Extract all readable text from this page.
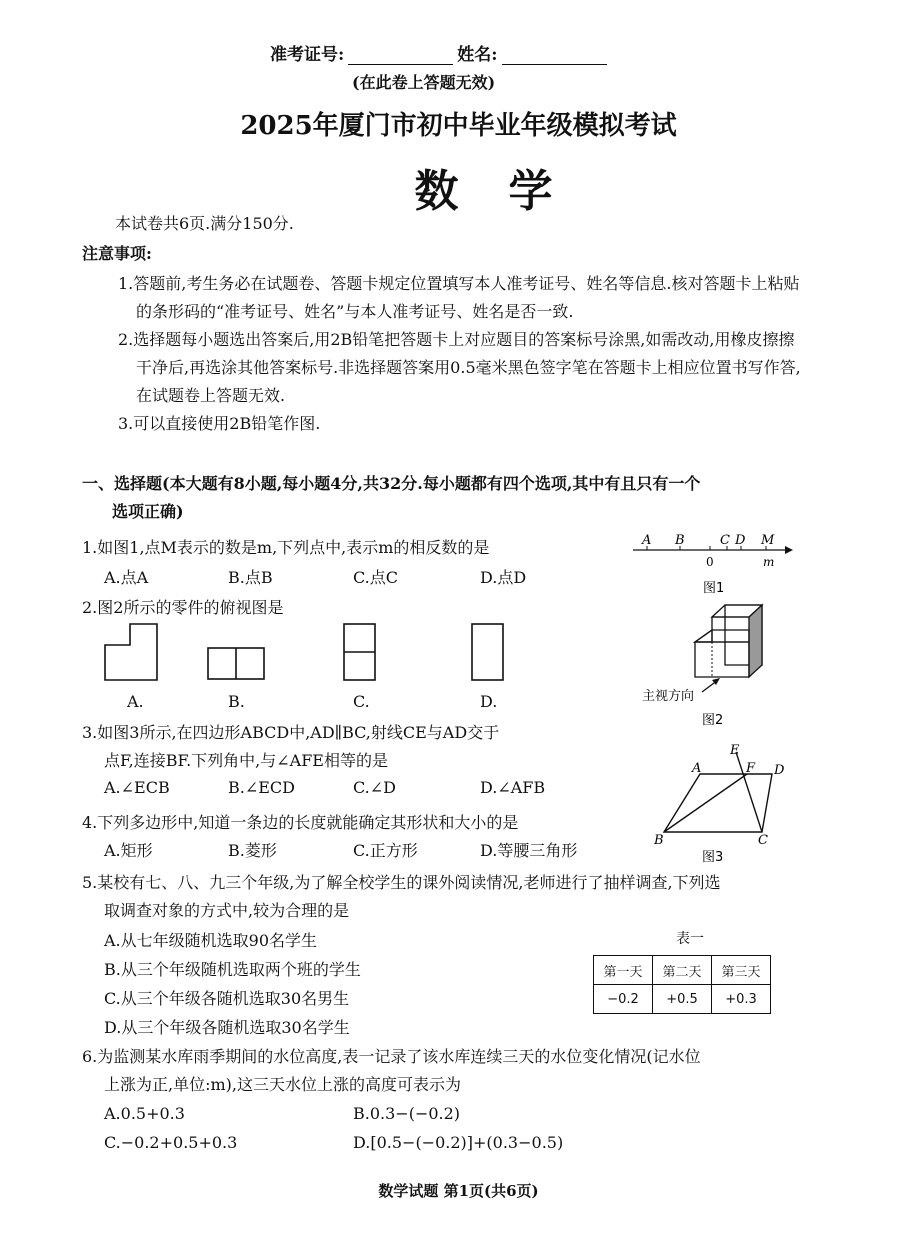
准考证号:	姓名:
(在此卷上答题无效)
2025年厦门市初中毕业年级模拟考试
数学
本试卷共6页.满分150分.
注意事项:
1.答题前,考生务必在试题卷、答题卡规定位置填写本人准考证号、姓名等信息.核对答题卡上粘贴的条形码的“准考证号、姓名”与本人准考证号、姓名是否一致.
2.选择题每小题选出答案后,用2B铅笔把答题卡上对应题目的答案标号涂黑,如需改动,用橡皮擦擦干净后,再选涂其他答案标号.非选择题答案用0.5毫米黑色签字笔在答题卡上相应位置书写作答,在试题卷上答题无效.
3.可以直接使用2B铅笔作图.
一、选择题(本大题有8小题,每小题4分,共32分.每小题都有四个选项,其中有且只有一个
选项正确)
1.如图1,点M表示的数是m,下列点中,表示m的相反数的是
A.点A	B.点B	C.点C	D.点D
A B	C D M
0	m
图1
2.图2所示的零件的俯视图是
A.	B.	C.	D.	主视方向
图2
3.如图3所示,在四边形ABCD中,AD∥BC,射线CE与AD交于
点F,连接BF.下列角中,与∠AFE相等的是
A.∠ECB	B.∠ECD	C.∠D	D.∠AFB
E
A	F D
B	C
图3
4.下列多边形中,知道一条边的长度就能确定其形状和大小的是
A.矩形	B.菱形	C.正方形	D.等腰三角形
5.某校有七、八、九三个年级,为了解全校学生的课外阅读情况,老师进行了抽样调查,下列选
取调查对象的方式中,较为合理的是
A.从七年级随机选取90名学生
B.从三个年级随机选取两个班的学生
C.从三个年级各随机选取30名男生
D.从三个年级各随机选取30名学生
表一
第一天	第二天	第三天
−0.2	+0.5	+0.3
6.为监测某水库雨季期间的水位高度,表一记录了该水库连续三天的水位变化情况(记水位
上涨为正,单位:m),这三天水位上涨的高度可表示为
A.0.5+0.3	B.0.3−(−0.2)
C.−0.2+0.5+0.3	D.[0.5−(−0.2)]+(0.3−0.5)
数学试题 第1页(共6页)
